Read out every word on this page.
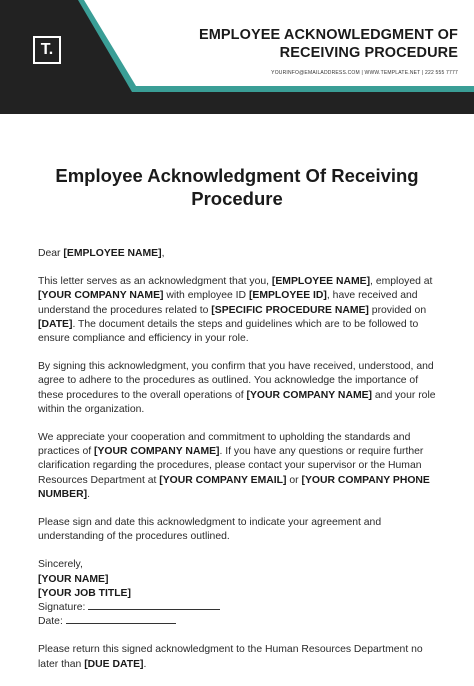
T.
EMPLOYEE ACKNOWLEDGMENT OF RECEIVING PROCEDURE
YOURINFO@EMAILADDRESS.COM | WWW.TEMPLATE.NET | 222 555 7777
Employee Acknowledgment Of Receiving Procedure

Dear [EMPLOYEE NAME],

This letter serves as an acknowledgment that you, [EMPLOYEE NAME], employed at [YOUR COMPANY NAME] with employee ID [EMPLOYEE ID], have received and understand the procedures related to [SPECIFIC PROCEDURE NAME] provided on [DATE]. The document details the steps and guidelines which are to be followed to ensure compliance and efficiency in your role.

By signing this acknowledgment, you confirm that you have received, understood, and agree to adhere to the procedures as outlined. You acknowledge the importance of these procedures to the overall operations of [YOUR COMPANY NAME] and your role within the organization.

We appreciate your cooperation and commitment to upholding the standards and practices of [YOUR COMPANY NAME]. If you have any questions or require further clarification regarding the procedures, please contact your supervisor or the Human Resources Department at [YOUR COMPANY EMAIL] or [YOUR COMPANY PHONE NUMBER].

Please sign and date this acknowledgment to indicate your agreement and understanding of the procedures outlined.

Sincerely,
[YOUR NAME]
[YOUR JOB TITLE]
Signature:
Date:

Please return this signed acknowledgment to the Human Resources Department no later than [DUE DATE].
